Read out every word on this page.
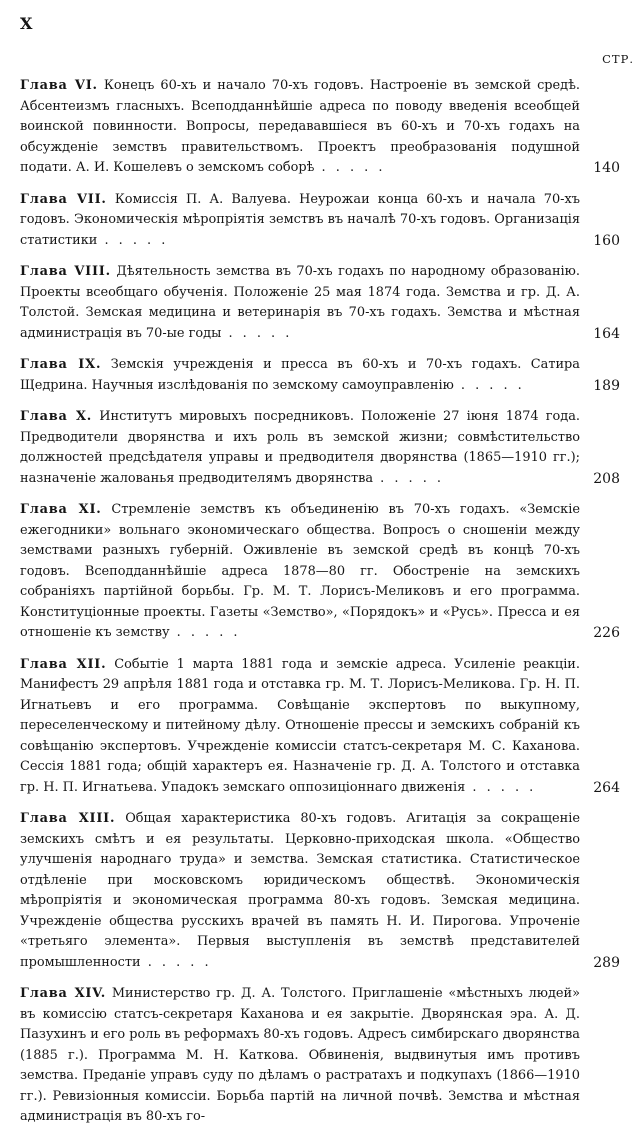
X
СТР.
Глава VI. Конецъ 60-хъ и начало 70-хъ годовъ. Настроеніе въ земской средѣ. Абсентеизмъ гласныхъ. Всеподданнѣйшіе адреса по поводу введенія всеобщей воинской повинности. Вопросы, передававшіеся въ 60-хъ и 70-хъ годахъ на обсужденіе земствъ правительствомъ. Проектъ преобразованія подушной подати. А. И. Кошелевъ о земскомъ соборѣ . . . . .	140
Глава VII. Комиссія П. А. Валуева. Неурожаи конца 60-хъ и начала 70-хъ годовъ. Экономическія мѣропріятія земствъ въ началѣ 70-хъ годовъ. Организація статистики . . . . .	160
Глава VIII. Дѣятельность земства въ 70-хъ годахъ по народному образованію. Проекты всеобщаго обученія. Положеніе 25 мая 1874 года. Земства и гр. Д. А. Толстой. Земская медицина и ветеринарія въ 70-хъ годахъ. Земства и мѣстная администрація въ 70-ые годы . . . . .	164
Глава IX. Земскія учрежденія и пресса въ 60-хъ и 70-хъ годахъ. Сатира Щедрина. Научныя изслѣдованія по земскому самоуправленію . . . . .	189
Глава X. Институтъ мировыхъ посредниковъ. Положеніе 27 іюня 1874 года. Предводители дворянства и ихъ роль въ земской жизни; совмѣстительство должностей предсѣдателя управы и предводителя дворянства (1865—1910 гг.); назначеніе жалованья предводителямъ дворянства . . . . .	208
Глава XI. Стремленіе земствъ къ объединенію въ 70-хъ годахъ. «Земскіе ежегодники» вольнаго экономическаго общества. Вопросъ о сношеніи между земствами разныхъ губерній. Оживленіе въ земской средѣ въ концѣ 70-хъ годовъ. Всеподданнѣйшіе адреса 1878—80 гг. Обостреніе на земскихъ собраніяхъ партійной борьбы. Гр. М. Т. Лорисъ-Меликовъ и его программа. Конституціонные проекты. Газеты «Земство», «Порядокъ» и «Русь». Пресса и ея отношеніе къ земству . . . . .	226
Глава XII. Событіе 1 марта 1881 года и земскіе адреса. Усиленіе реакціи. Манифестъ 29 апрѣля 1881 года и отставка гр. М. Т. Лорисъ-Меликова. Гр. Н. П. Игнатьевъ и его программа. Совѣщаніе экспертовъ по выкупному, переселенческому и питейному дѣлу. Отношеніе прессы и земскихъ собраній къ совѣщанію экспертовъ. Учрежденіе комиссіи статсъ-секретаря М. С. Каханова. Сессія 1881 года; общій характеръ ея. Назначеніе гр. Д. А. Толстого и отставка гр. Н. П. Игнатьева. Упадокъ земскаго оппозиціоннаго движенія . . . . .	264
Глава XIII. Общая характеристика 80-хъ годовъ. Агитація за сокращеніе земскихъ смѣтъ и ея результаты. Церковно-приходская школа. «Общество улучшенія народнаго труда» и земства. Земская статистика. Статистическое отдѣленіе при московскомъ юридическомъ обществѣ. Экономическія мѣропріятія и экономическая программа 80-хъ годовъ. Земская медицина. Учрежденіе общества русскихъ врачей въ память Н. И. Пирогова. Упроченіе «третьяго элемента». Первыя выступленія въ земствѣ представителей промышленности . . . . .	289
Глава XIV. Министерство гр. Д. А. Толстого. Приглашеніе «мѣстныхъ людей» въ комиссію статсъ-секретаря Каханова и ея закрытіе. Дворянская эра. А. Д. Пазухинъ и его роль въ реформахъ 80-хъ годовъ. Адресъ симбирскаго дворянства (1885 г.). Программа М. Н. Каткова. Обвиненія, выдвинутыя имъ противъ земства. Преданіе управъ суду по дѣламъ о растратахъ и подкупахъ (1866—1910 гг.). Ревизіонныя комиссіи. Борьба партій на личной почвѣ. Земства и мѣстная администрація въ 80-хъ го-
